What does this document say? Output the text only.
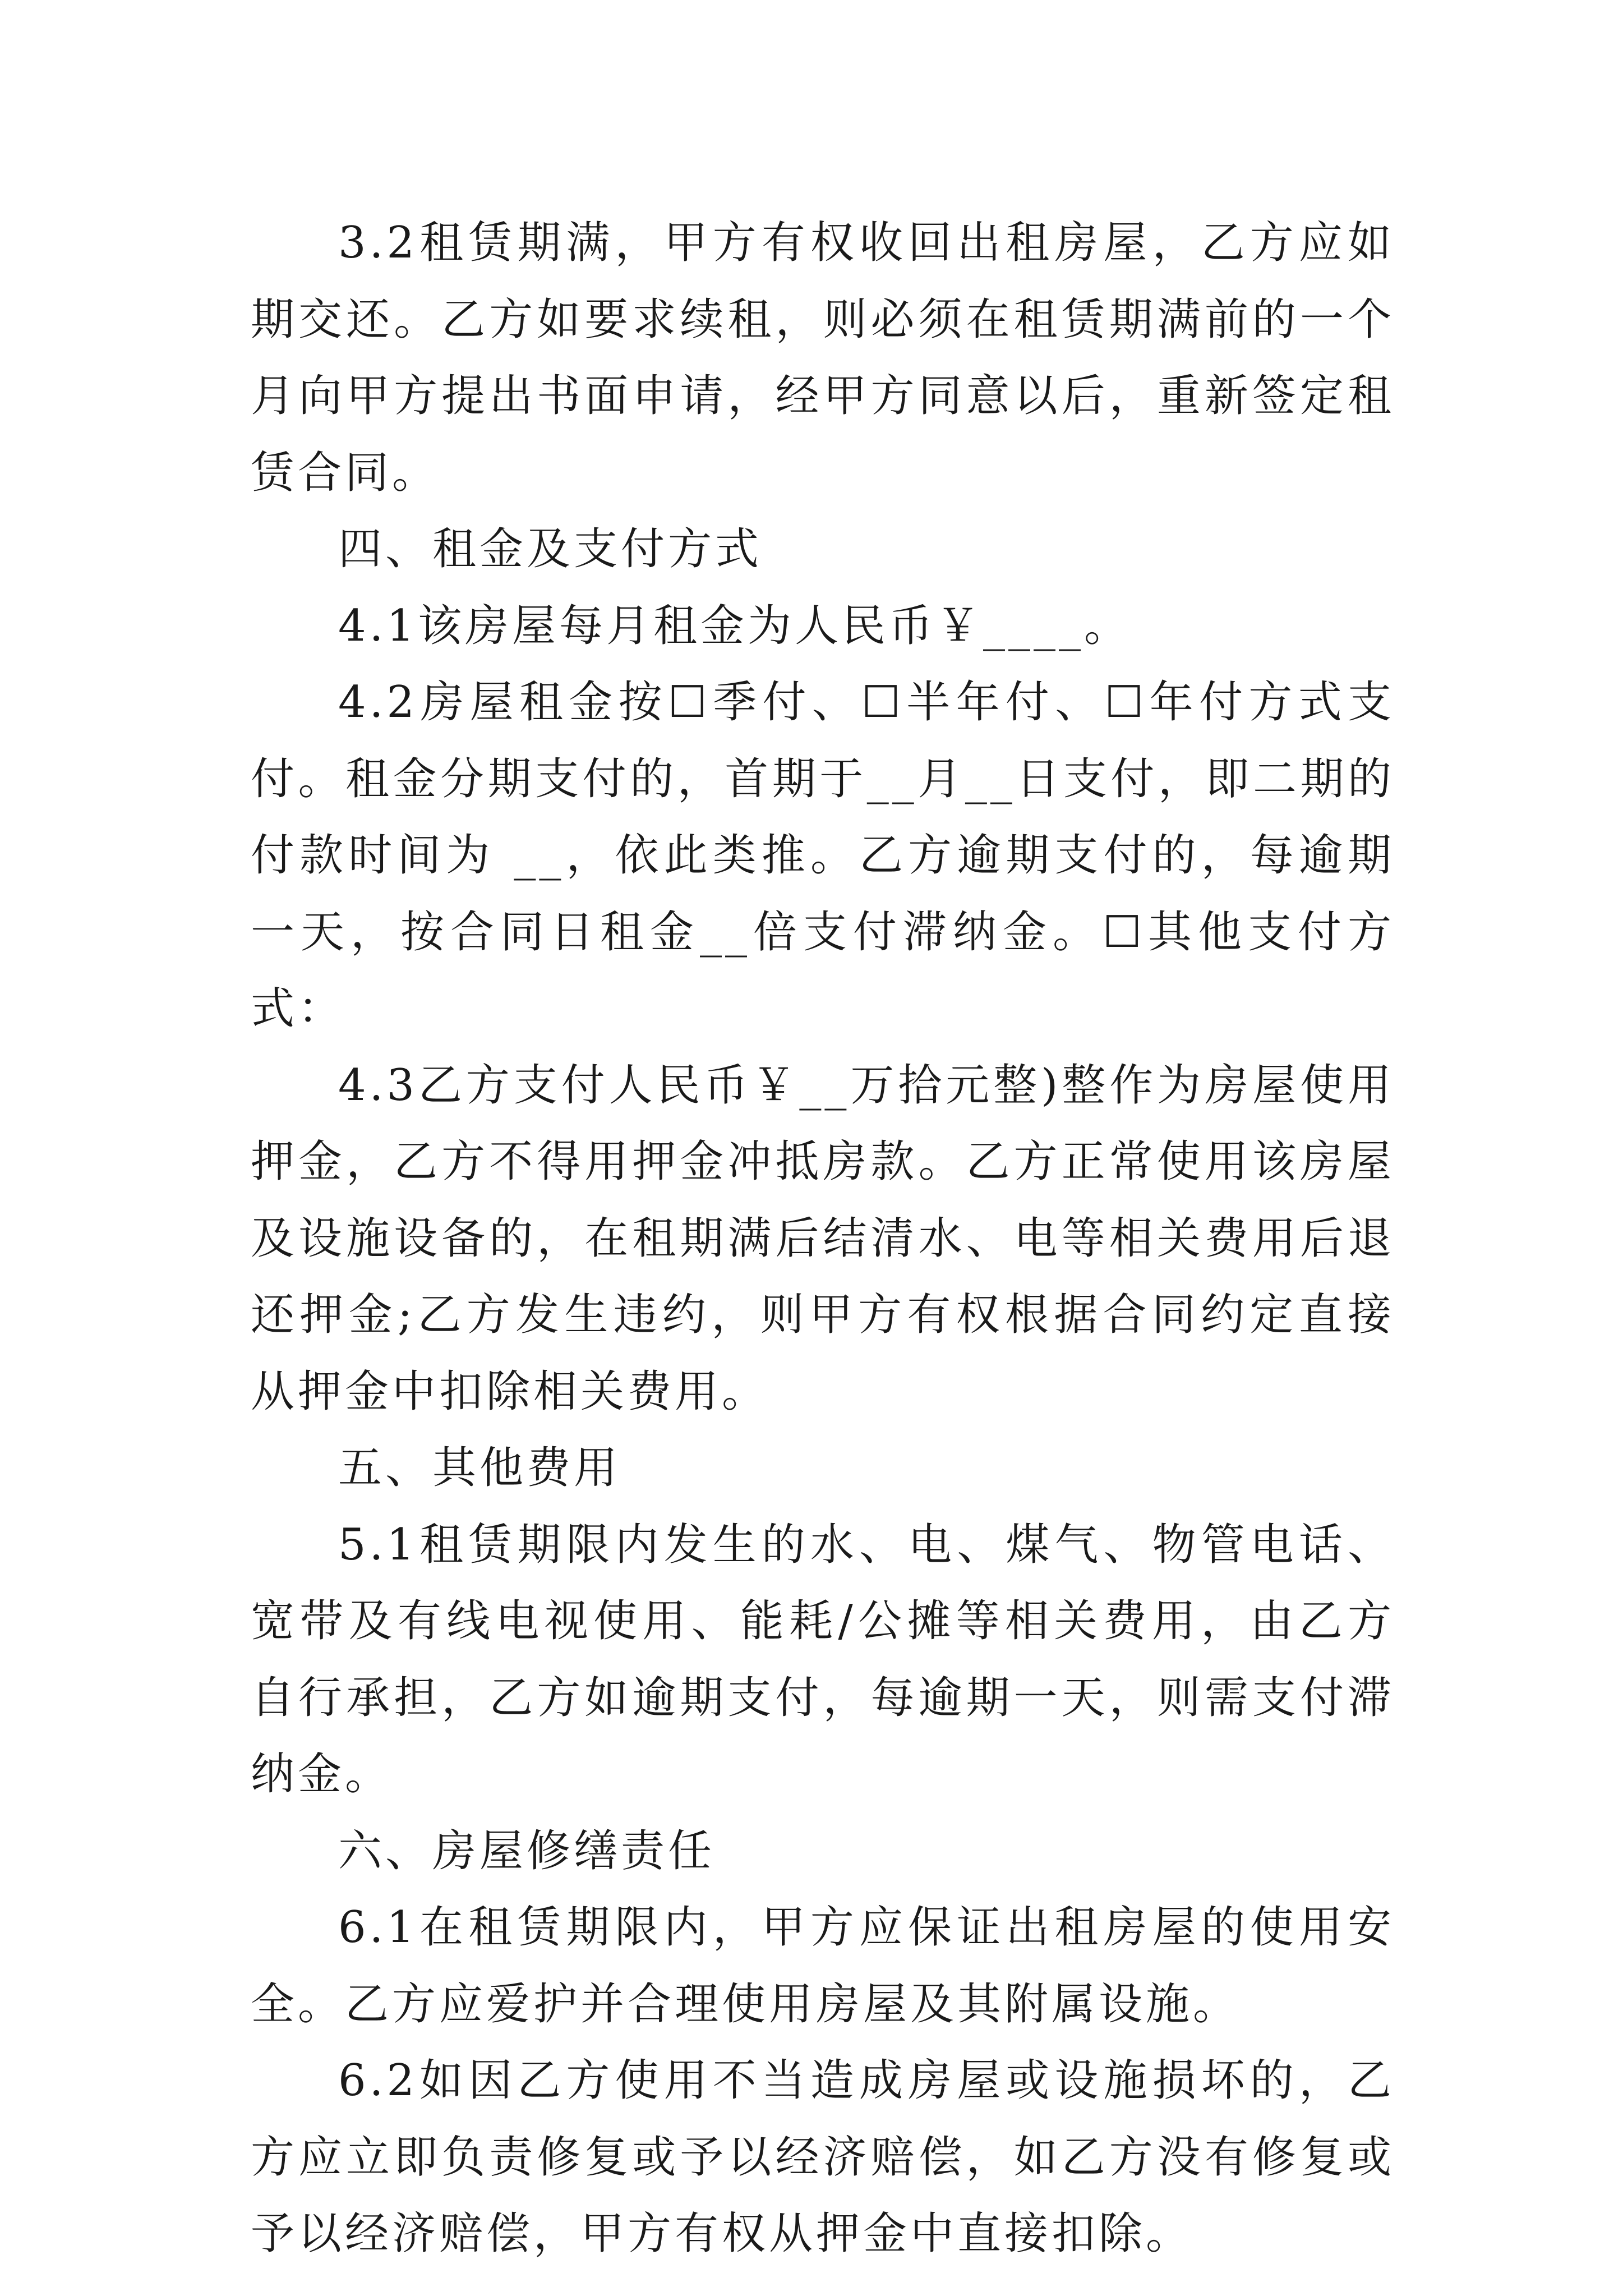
3.2租赁期满，甲方有权收回出租房屋，乙方应如期交还。乙方如要求续租，则必须在租赁期满前的一个月向甲方提出书面申请，经甲方同意以后，重新签定租赁合同。

四、租金及支付方式

4.1该房屋每月租金为人民币￥____。

4.2房屋租金按☐季付、☐半年付、☐年付方式支付。租金分期支付的，首期于__月__日支付，即二期的付款时间为 __，依此类推。乙方逾期支付的，每逾期一天，按合同日租金__倍支付滞纳金。☐其他支付方式：

4.3乙方支付人民币￥__万拾元整)整作为房屋使用押金，乙方不得用押金冲抵房款。乙方正常使用该房屋及设施设备的，在租期满后结清水、电等相关费用后退还押金;乙方发生违约，则甲方有权根据合同约定直接从押金中扣除相关费用。

五、其他费用

5.1租赁期限内发生的水、电、煤气、物管电话、宽带及有线电视使用、能耗/公摊等相关费用，由乙方自行承担，乙方如逾期支付，每逾期一天，则需支付滞纳金。

六、房屋修缮责任

6.1在租赁期限内，甲方应保证出租房屋的使用安全。乙方应爱护并合理使用房屋及其附属设施。

6.2如因乙方使用不当造成房屋或设施损坏的，乙方应立即负责修复或予以经济赔偿，如乙方没有修复或予以经济赔偿，甲方有权从押金中直接扣除。
